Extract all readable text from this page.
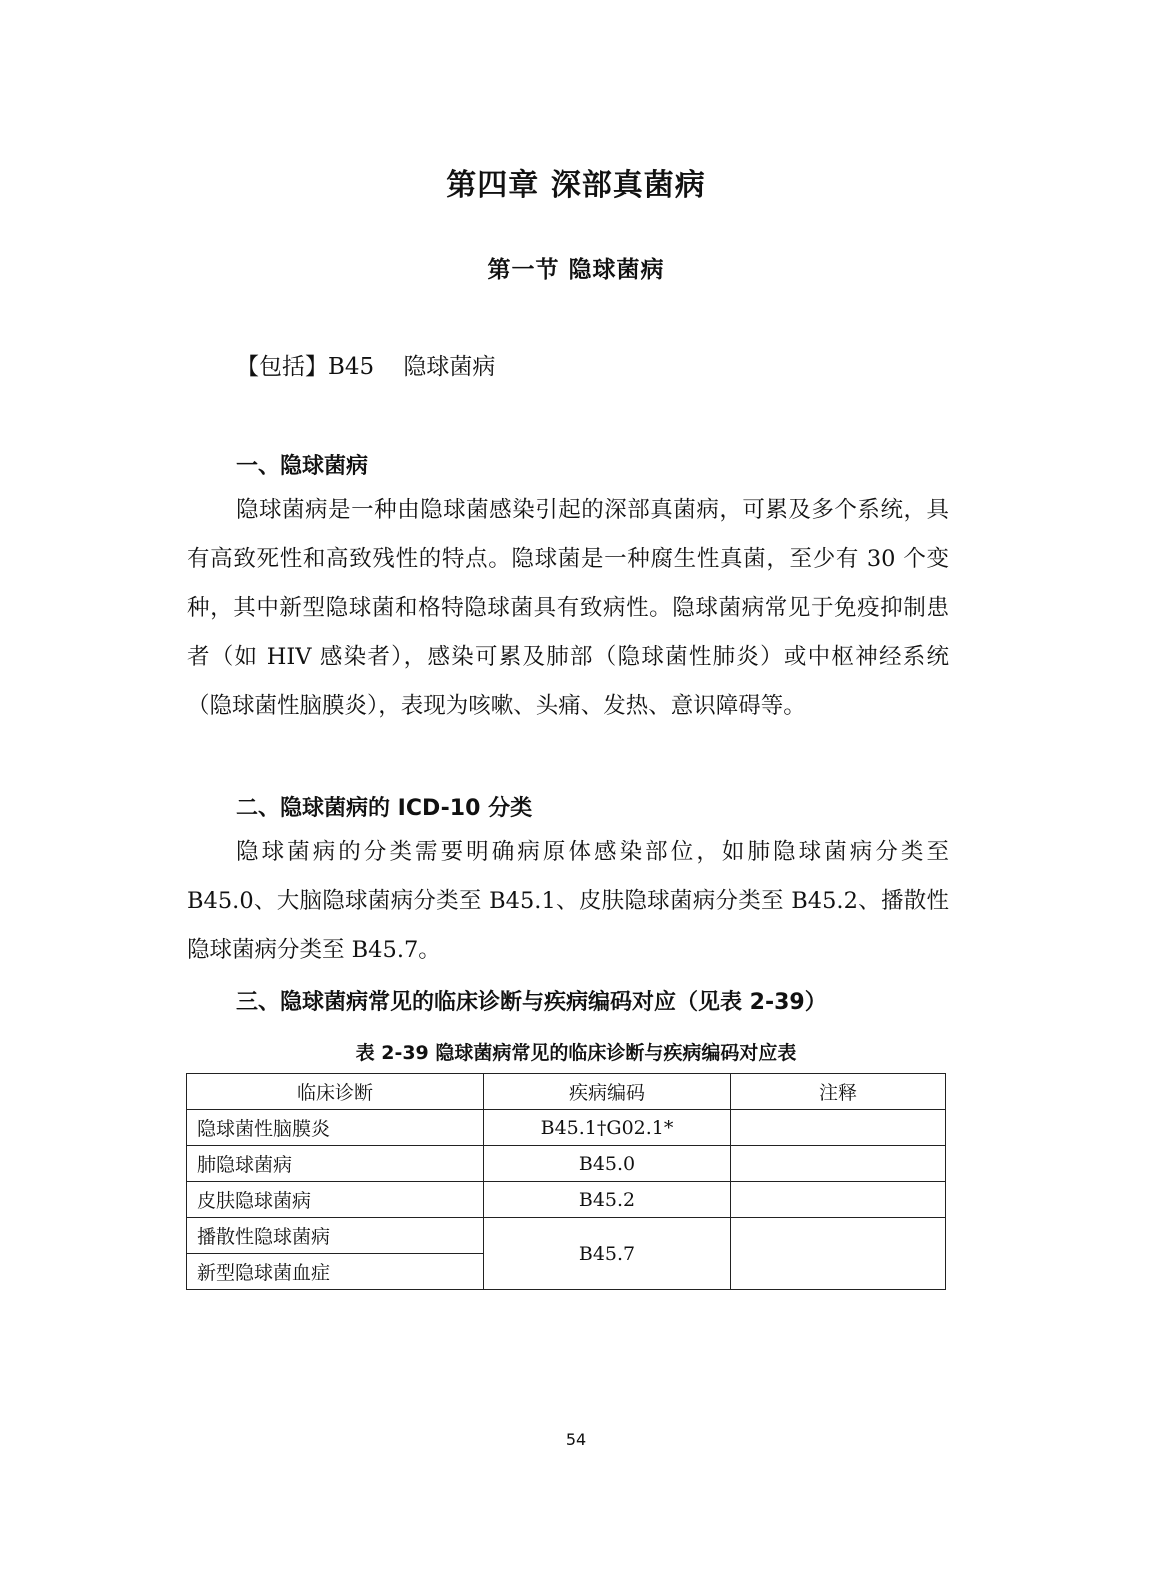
第四章 深部真菌病
第一节 隐球菌病
【包括】B45    隐球菌病
一、隐球菌病

隐球菌病是一种由隐球菌感染引起的深部真菌病，可累及多个系统，具有高致死性和高致残性的特点。隐球菌是一种腐生性真菌，至少有 30 个变种，其中新型隐球菌和格特隐球菌具有致病性。隐球菌病常见于免疫抑制患者（如 HIV 感染者），感染可累及肺部（隐球菌性肺炎）或中枢神经系统（隐球菌性脑膜炎），表现为咳嗽、头痛、发热、意识障碍等。

二、隐球菌病的 ICD-10 分类

隐球菌病的分类需要明确病原体感染部位，如肺隐球菌病分类至 B45.0、大脑隐球菌病分类至 B45.1、皮肤隐球菌病分类至 B45.2、播散性隐球菌病分类至 B45.7。

三、隐球菌病常见的临床诊断与疾病编码对应（见表 2-39）
表 2-39 隐球菌病常见的临床诊断与疾病编码对应表
临床诊断	疾病编码	注释
隐球菌性脑膜炎	B45.1†G02.1*	
肺隐球菌病	B45.0	
皮肤隐球菌病	B45.2	
播散性隐球菌病	B45.7	
新型隐球菌血症		
54
